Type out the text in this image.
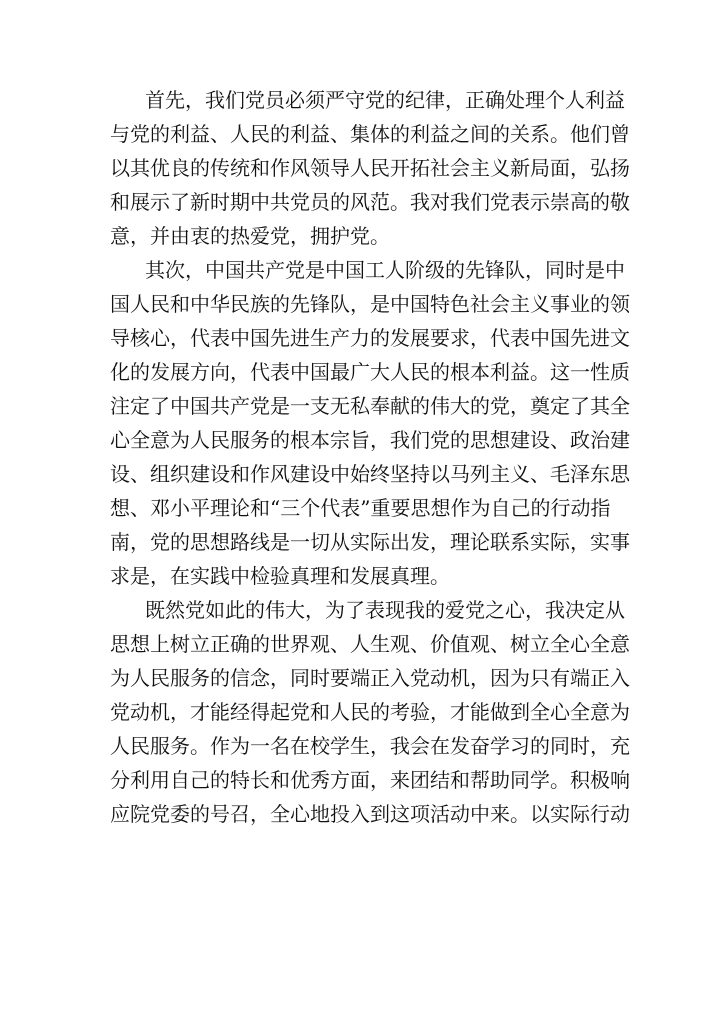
首先，我们党员必须严守党的纪律，正确处理个人利益
与党的利益、人民的利益、集体的利益之间的关系。他们曾
以其优良的传统和作风领导人民开拓社会主义新局面，弘扬
和展示了新时期中共党员的风范。我对我们党表示崇高的敬
意，并由衷的热爱党，拥护党。
其次，中国共产党是中国工人阶级的先锋队，同时是中
国人民和中华民族的先锋队，是中国特色社会主义事业的领
导核心，代表中国先进生产力的发展要求，代表中国先进文
化的发展方向，代表中国最广大人民的根本利益。这一性质
注定了中国共产党是一支无私奉献的伟大的党，奠定了其全
心全意为人民服务的根本宗旨，我们党的思想建设、政治建
设、组织建设和作风建设中始终坚持以马列主义、毛泽东思
想、邓小平理论和“三个代表”重要思想作为自己的行动指
南，党的思想路线是一切从实际出发，理论联系实际，实事
求是，在实践中检验真理和发展真理。
既然党如此的伟大，为了表现我的爱党之心，我决定从
思想上树立正确的世界观、人生观、价值观、树立全心全意
为人民服务的信念，同时要端正入党动机，因为只有端正入
党动机，才能经得起党和人民的考验，才能做到全心全意为
人民服务。作为一名在校学生，我会在发奋学习的同时，充
分利用自己的特长和优秀方面，来团结和帮助同学。积极响
应院党委的号召，全心地投入到这项活动中来。以实际行动
